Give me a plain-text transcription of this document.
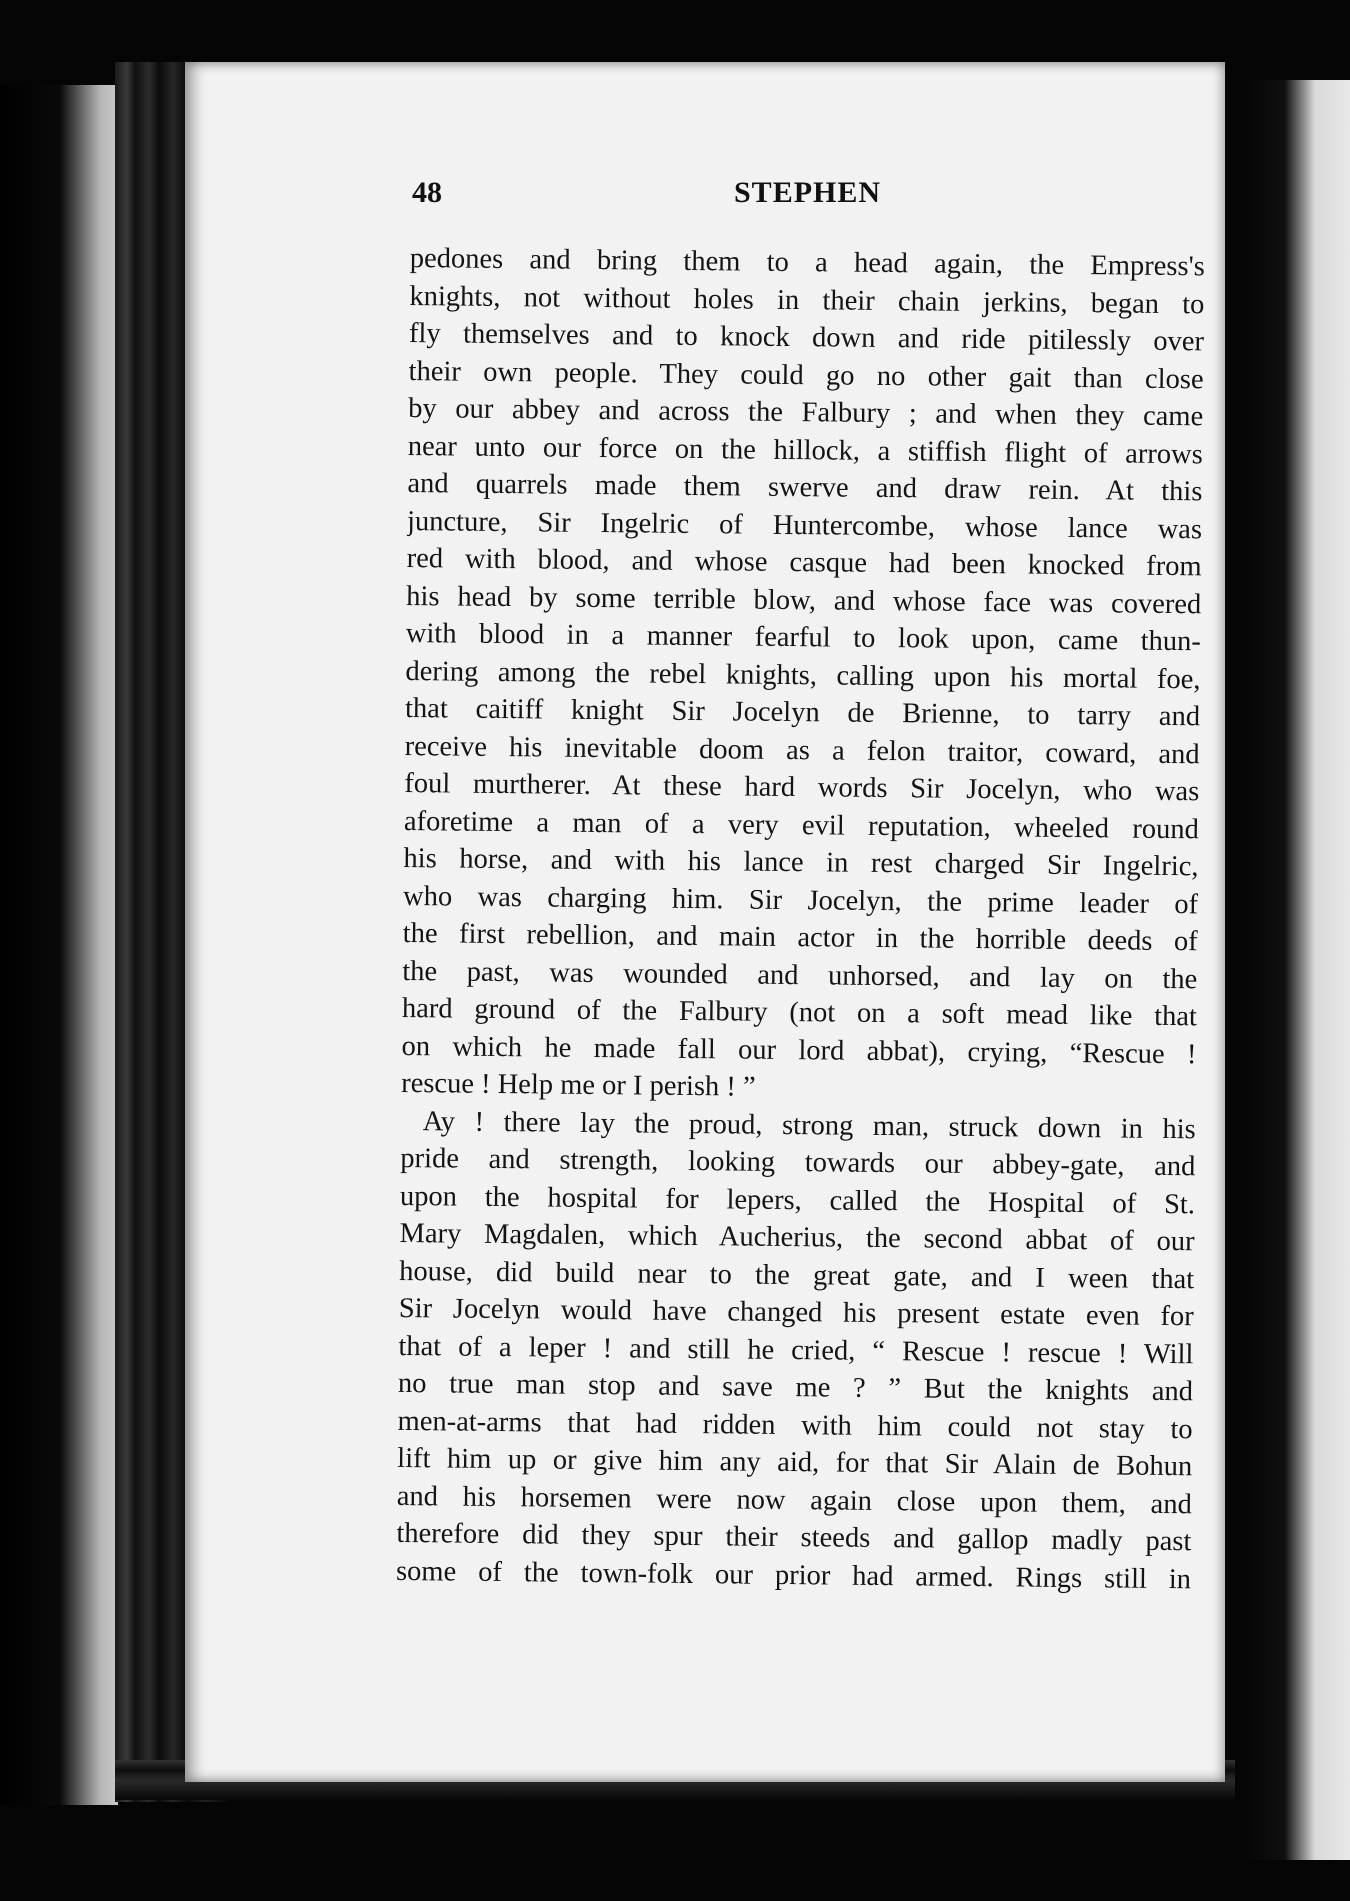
48	STEPHEN
pedones and bring them to a head again, the Empress's
knights, not without holes in their chain jerkins, began to
fly themselves and to knock down and ride pitilessly over
their own people. They could go no other gait than close
by our abbey and across the Falbury ; and when they came
near unto our force on the hillock, a stiffish flight of arrows
and quarrels made them swerve and draw rein. At this
juncture, Sir Ingelric of Huntercombe, whose lance was
red with blood, and whose casque had been knocked from
his head by some terrible blow, and whose face was covered
with blood in a manner fearful to look upon, came thun-
dering among the rebel knights, calling upon his mortal foe,
that caitiff knight Sir Jocelyn de Brienne, to tarry and
receive his inevitable doom as a felon traitor, coward, and
foul murtherer. At these hard words Sir Jocelyn, who was
aforetime a man of a very evil reputation, wheeled round
his horse, and with his lance in rest charged Sir Ingelric,
who was charging him. Sir Jocelyn, the prime leader of
the first rebellion, and main actor in the horrible deeds of
the past, was wounded and unhorsed, and lay on the
hard ground of the Falbury (not on a soft mead like that
on which he made fall our lord abbat), crying, “Rescue !
rescue ! Help me or I perish ! ”
Ay ! there lay the proud, strong man, struck down in his
pride and strength, looking towards our abbey-gate, and
upon the hospital for lepers, called the Hospital of St.
Mary Magdalen, which Aucherius, the second abbat of our
house, did build near to the great gate, and I ween that
Sir Jocelyn would have changed his present estate even for
that of a leper ! and still he cried, “ Rescue ! rescue ! Will
no true man stop and save me ? ” But the knights and
men-at-arms that had ridden with him could not stay to
lift him up or give him any aid, for that Sir Alain de Bohun
and his horsemen were now again close upon them, and
therefore did they spur their steeds and gallop madly past
some of the town-folk our prior had armed. Rings still in
